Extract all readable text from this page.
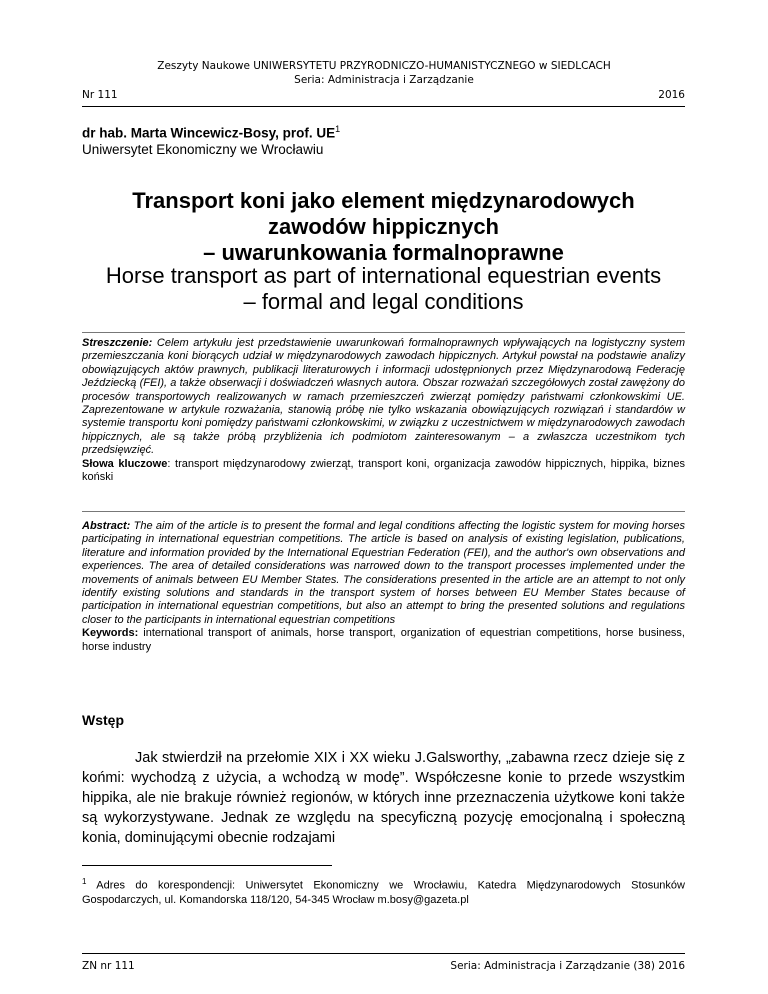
Zeszyty Naukowe UNIWERSYTETU PRZYRODNICZO-HUMANISTYCZNEGO w SIEDLCACH
Seria: Administracja i Zarządzanie
Nr 111	2016
dr hab. Marta Wincewicz-Bosy, prof. $UE^1$
Uniwersytet Ekonomiczny we Wrocławiu
Transport koni jako element międzynarodowych
zawodów hippicznych
– uwarunkowania formalnoprawne
Horse transport as part of international equestrian events
– formal and legal conditions
Streszczenie: Celem artykułu jest przedstawienie uwarunkowań formalnoprawnych wpływających na logistyczny system przemieszczania koni biorących udział w międzynarodowych zawodach hippicznych. Artykuł powstał na podstawie analizy obowiązujących aktów prawnych, publikacji literaturowych i informacji udostępnionych przez Międzynarodową Federację Jeździecką (FEI), a także obserwacji i doświadczeń własnych autora. Obszar rozważań szczegółowych został zawężony do procesów transportowych realizowanych w ramach przemieszczeń zwierząt pomiędzy państwami członkowskimi UE. Zaprezentowane w artykule rozważania, stanowią próbę nie tylko wskazania obowiązujących rozwiązań i standardów w systemie transportu koni pomiędzy państwami członkowskimi, w związku z uczestnictwem w międzynarodowych zawodach hippicznych, ale są także próbą przybliżenia ich podmiotom zainteresowanym – a zwłaszcza uczestnikom tych przedsięwzięć.
Słowa kluczowe: transport międzynarodowy zwierząt, transport koni, organizacja zawodów hippicznych, hippika, biznes koński
Abstract: The aim of the article is to present the formal and legal conditions affecting the logistic system for moving horses participating in international equestrian competitions. The article is based on analysis of existing legislation, publications, literature and information provided by the International Equestrian Federation (FEI), and the author's own observations and experiences. The area of detailed considerations was narrowed down to the transport processes implemented under the movements of animals between EU Member States. The considerations presented in the article are an attempt to not only identify existing solutions and standards in the transport system of horses between EU Member States because of participation in international equestrian competitions, but also an attempt to bring the presented solutions and regulations closer to the participants in international equestrian competitions
Keywords: international transport of animals, horse transport, organization of equestrian competitions, horse business, horse industry
Wstęp
Jak stwierdził na przełomie XIX i XX wieku J.Galsworthy, „zabawna rzecz dzieje się z końmi: wychodzą z użycia, a wchodzą w modę”. Współczesne konie to przede wszystkim hippika, ale nie brakuje również regionów, w których inne przeznaczenia użytkowe koni także są wykorzystywane. Jednak ze względu na specyficzną pozycję emocjonalną i społeczną konia, dominującymi obecnie rodzajami
$^1$ Adres do korespondencji: Uniwersytet Ekonomiczny we Wrocławiu, Katedra Międzynarodowych Stosunków Gospodarczych, ul. Komandorska 118/120, 54-345 Wrocław m.bosy@gazeta.pl
ZN nr 111	Seria: Administracja i Zarządzanie (38) 2016
